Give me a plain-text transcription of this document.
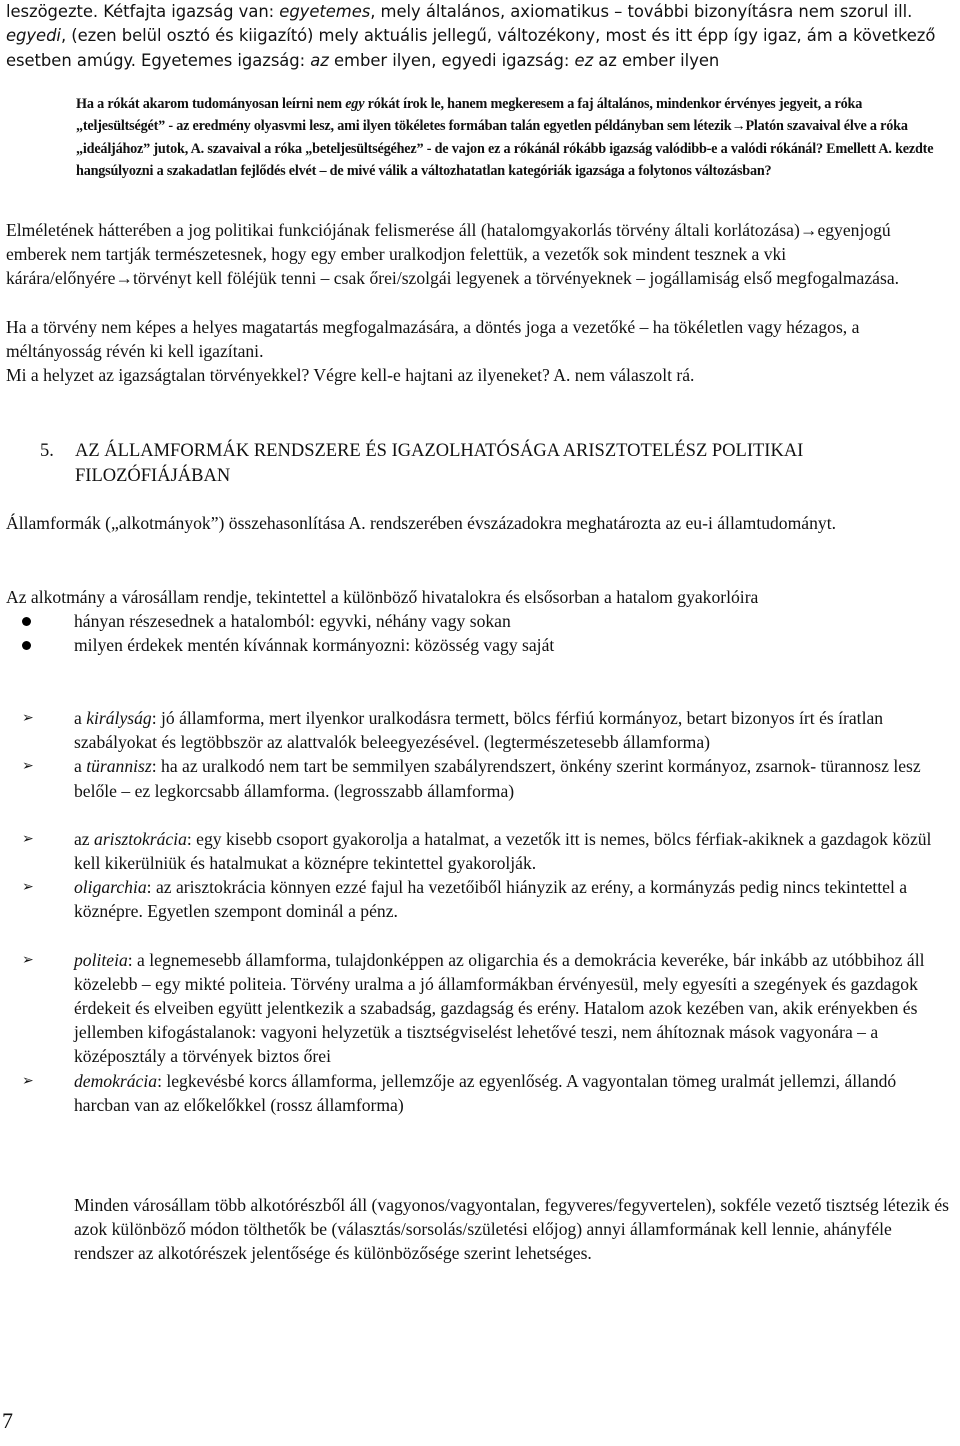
leszögezte. Kétfajta igazság van: egyetemes, mely általános, axiomatikus – további bizonyításra nem szorul ill. egyedi, (ezen belül osztó és kiigazító) mely aktuális jellegű, változékony, most és itt épp így igaz, ám a következő esetben amúgy. Egyetemes igazság: az ember ilyen, egyedi igazság: ez az ember ilyen

Ha a rókát akarom tudományosan leírni nem egy rókát írok le, hanem megkeresem a faj általános, mindenkor érvényes jegyeit, a róka „teljesültségét” - az eredmény olyasvmi lesz, ami ilyen tökéletes formában talán egyetlen példányban sem létezik→Platón szavaival élve a róka „ideáljához” jutok, A. szavaival a róka „beteljesültségéhez” - de vajon ez a rókánál rókább igazság valódibb-e a valódi rókánál? Emellett A. kezdte hangsúlyozni a szakadatlan fejlődés elvét – de mivé válik a változhatatlan kategóriák igazsága a folytonos változásban?

Elméletének hátterében a jog politikai funkciójának felismerése áll (hatalomgyakorlás törvény általi korlátozása)→egyenjogú emberek nem tartják természetesnek, hogy egy ember uralkodjon felettük, a vezetők sok mindent tesznek a vki kárára/előnyére→törvényt kell föléjük tenni – csak őrei/szolgái legyenek a törvényeknek – jogállamiság első megfogalmazása.

Ha a törvény nem képes a helyes magatartás megfogalmazására, a döntés joga a vezetőké – ha tökéletlen vagy hézagos, a méltányosság révén ki kell igazítani.

Mi a helyzet az igazságtalan törvényekkel? Végre kell-e hajtani az ilyeneket? A. nem válaszolt rá.

5.	AZ ÁLLAMFORMÁK RENDSZERE ÉS IGAZOLHATÓSÁGA ARISZTOTELÉSZ POLITIKAI FILOZÓFIÁJÁBAN

Államformák („alkotmányok”) összehasonlítása A. rendszerében évszázadokra meghatározta az eu-i államtudományt.

Az alkotmány a városállam rendje, tekintettel a különböző hivatalokra és elsősorban a hatalom gyakorlóira

hányan részesednek a hatalomból: egyvki, néhány vagy sokan
milyen érdekek mentén kívánnak kormányozni: közösség vagy saját
➢	a királyság: jó államforma, mert ilyenkor uralkodásra termett, bölcs férfiú kormányoz, betart bizonyos írt és íratlan szabályokat és legtöbbször az alattvalók beleegyezésével. (legtermészetesebb államforma)
➢	a türannisz: ha az uralkodó nem tart be semmilyen szabályrendszert, önkény szerint kormányoz, zsarnok- türannosz lesz belőle – ez legkorcsabb államforma. (legrosszabb államforma)
➢	az arisztokrácia: egy kisebb csoport gyakorolja a hatalmat, a vezetők itt is nemes, bölcs férfiak-akiknek a gazdagok közül kell kikerülniük és hatalmukat a köznépre tekintettel gyakorolják.
➢	oligarchia: az arisztokrácia könnyen ezzé fajul ha vezetőiből hiányzik az erény, a kormányzás pedig nincs tekintettel a köznépre. Egyetlen szempont dominál a pénz.
➢	politeia: a legnemesebb államforma, tulajdonképpen az oligarchia és a demokrácia keveréke, bár inkább az utóbbihoz áll közelebb – egy mikté politeia. Törvény uralma a jó államformákban érvényesül, mely egyesíti a szegények és gazdagok érdekeit és elveiben együtt jelentkezik a szabadság, gazdagság és erény. Hatalom azok kezében van, akik erényekben és jellemben kifogástalanok: vagyoni helyzetük a tisztségviselést lehetővé teszi, nem áhítoznak mások vagyonára – a középosztály a törvények biztos őrei
➢	demokrácia: legkevésbé korcs államforma, jellemzője az egyenlőség. A vagyontalan tömeg uralmát jellemzi, állandó harcban van az előkelőkkel (rossz államforma)

Minden városállam több alkotórészből áll (vagyonos/vagyontalan, fegyveres/fegyvertelen), sokféle vezető tisztség létezik és azok különböző módon tölthetők be (választás/sorsolás/születési előjog) annyi államformának kell lennie, ahányféle rendszer az alkotórészek jelentősége és különbözősége szerint lehetséges.

7
